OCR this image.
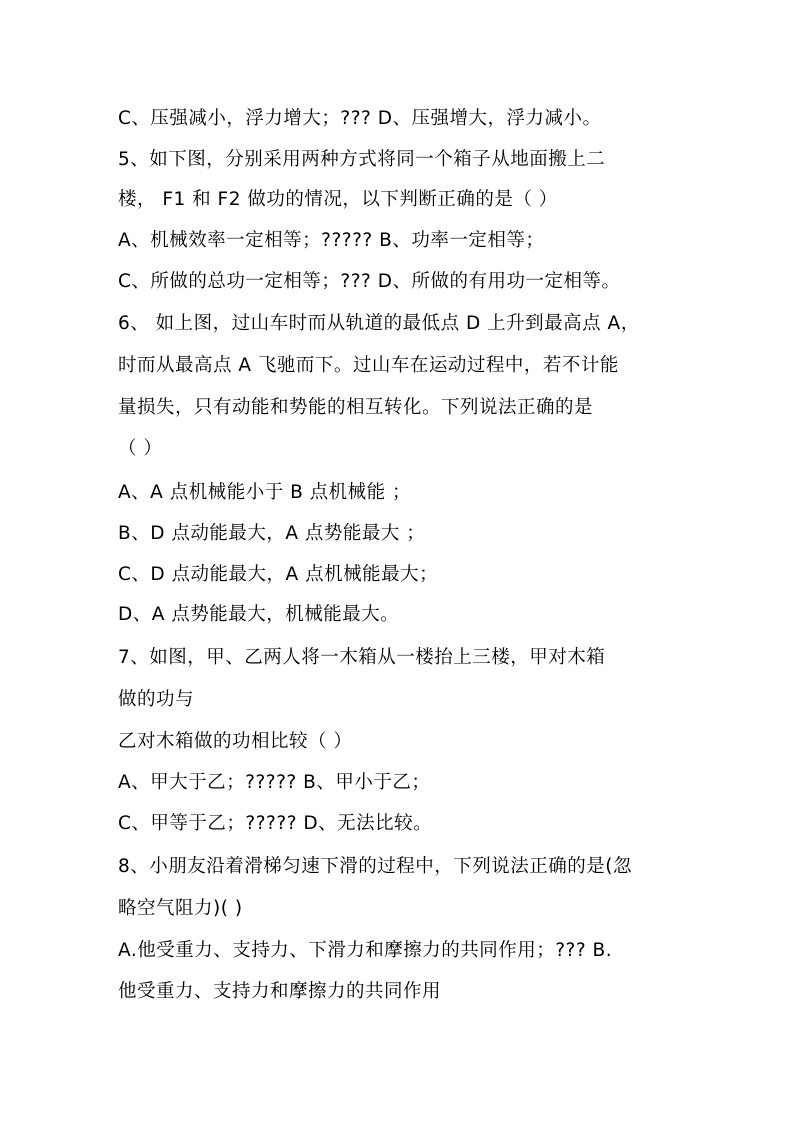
C、压强减小，浮力增大；??? D、压强增大，浮力减小。
5、如下图，分别采用两种方式将同一个箱子从地面搬上二
楼， F1 和 F2 做功的情况，以下判断正确的是（ ）
A、机械效率一定相等；????? B、功率一定相等；
C、所做的总功一定相等；??? D、所做的有用功一定相等。
6、 如上图，过山车时而从轨道的最低点 D 上升到最高点 A，
时而从最高点 A 飞驰而下。过山车在运动过程中，若不计能
量损失，只有动能和势能的相互转化。下列说法正确的是
（ ）
A、A 点机械能小于 B 点机械能 ；
B、D 点动能最大，A 点势能最大 ；
C、D 点动能最大，A 点机械能最大；
D、A 点势能最大，机械能最大。
7、如图，甲、乙两人将一木箱从一楼抬上三楼，甲对木箱
做的功与
乙对木箱做的功相比较（ ）
A、甲大于乙；????? B、甲小于乙；
C、甲等于乙；????? D、无法比较。
8、小朋友沿着滑梯匀速下滑的过程中，下列说法正确的是(忽
略空气阻力)( )
A.他受重力、支持力、下滑力和摩擦力的共同作用；??? B.
他受重力、支持力和摩擦力的共同作用
